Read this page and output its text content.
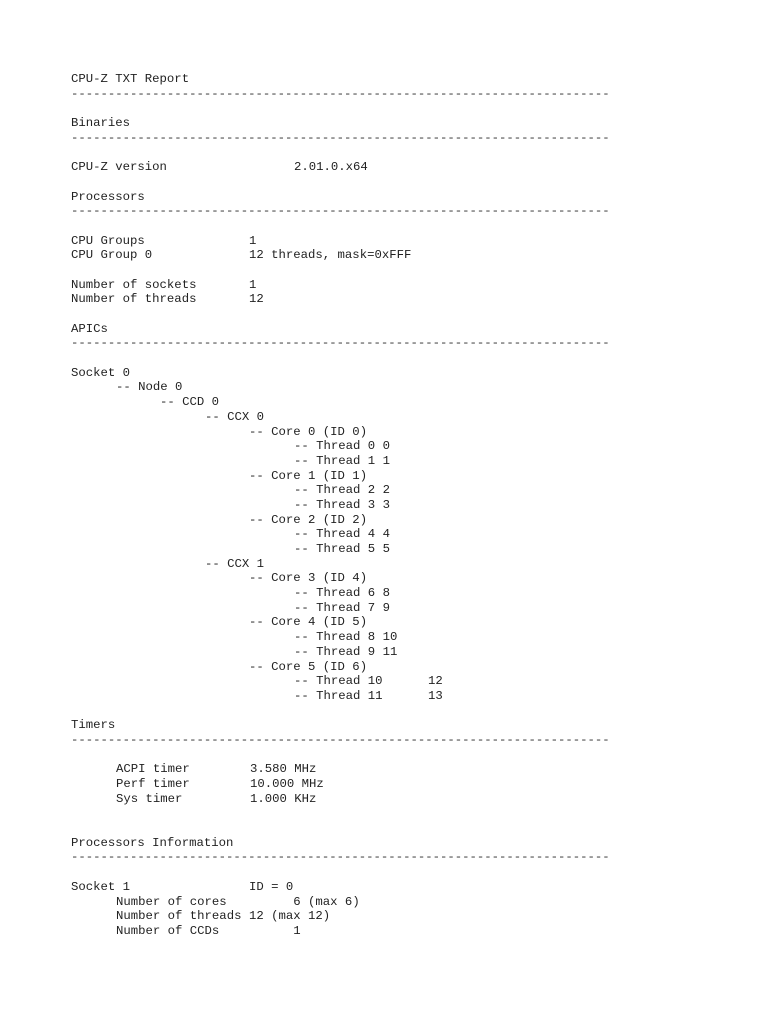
CPU-Z TXT Report
-------------------------------------------------------------------------
Binaries
-------------------------------------------------------------------------
CPU-Z version	2.01.0.x64
Processors
-------------------------------------------------------------------------
CPU Groups	1
CPU Group 0	12 threads, mask=0xFFF
Number of sockets	1
Number of threads	12
APICs
-------------------------------------------------------------------------
Socket 0
-- Node 0
-- CCD 0
-- CCX 0
-- Core 0 (ID 0)
-- Thread 0 0
-- Thread 1 1
-- Core 1 (ID 1)
-- Thread 2 2
-- Thread 3 3
-- Core 2 (ID 2)
-- Thread 4 4
-- Thread 5 5
-- CCX 1
-- Core 3 (ID 4)
-- Thread 6 8
-- Thread 7 9
-- Core 4 (ID 5)
-- Thread 8 10
-- Thread 9 11
-- Core 5 (ID 6)
-- Thread 10	12
-- Thread 11	13
Timers
-------------------------------------------------------------------------
ACPI timer	3.580 MHz
Perf timer	10.000 MHz
Sys timer	1.000 KHz
Processors Information
-------------------------------------------------------------------------
Socket 1	ID = 0
Number of cores	6 (max 6)
Number of threads 12 (max 12)
Number of CCDs	1
